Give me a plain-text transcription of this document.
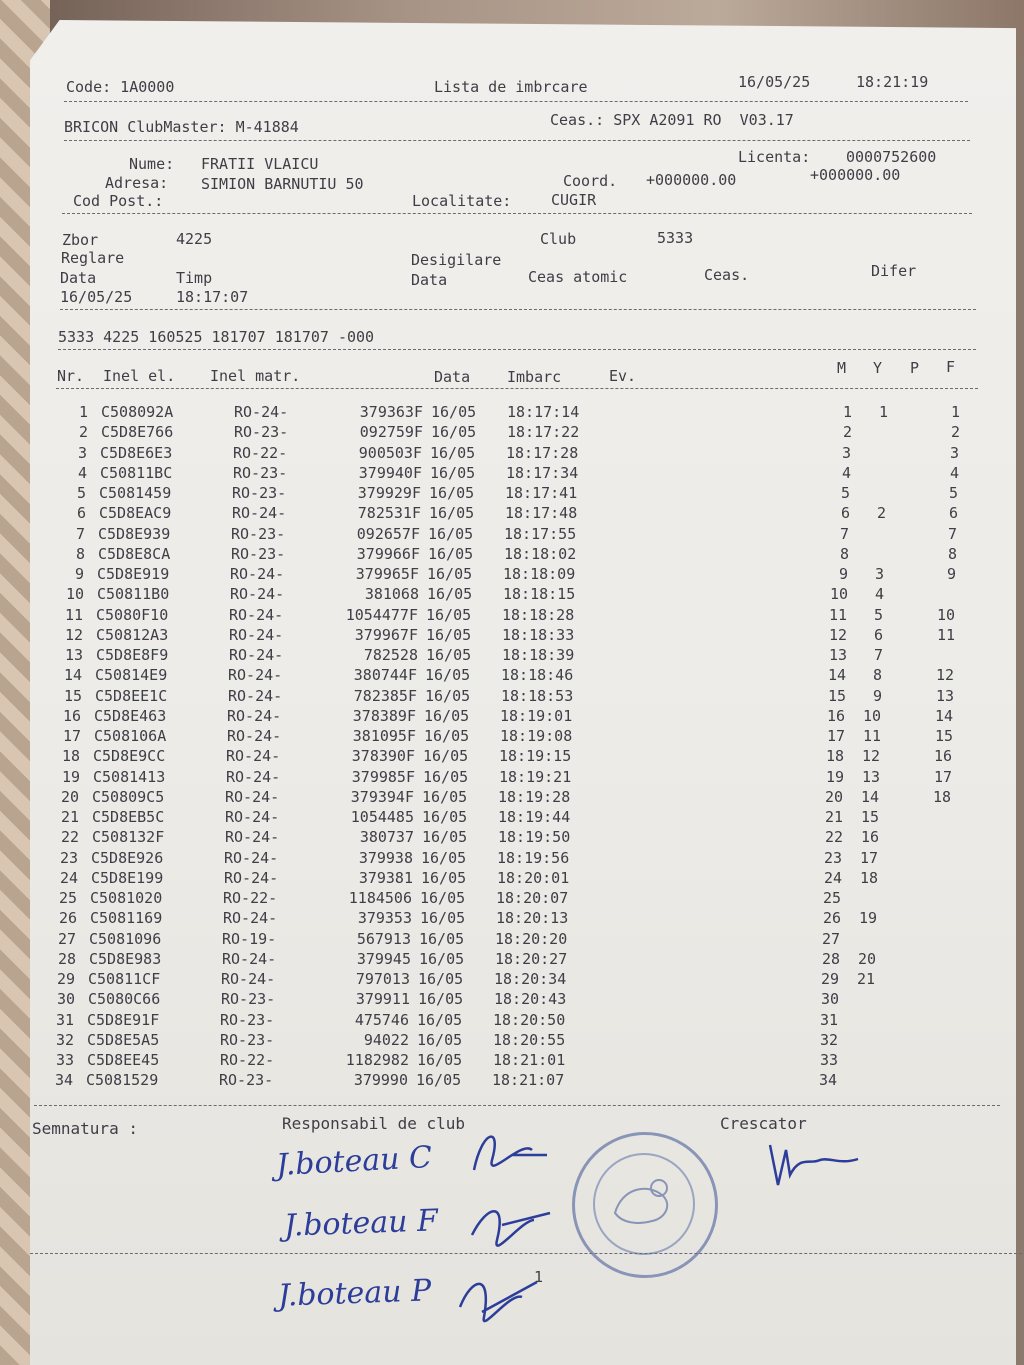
Code: 1A0000	Lista de imbrcare	16/05/25	18:21:19
BRICON ClubMaster: M-41884	Ceas.: SPX A2091 RO  V03.17
Nume: FRATII VLAICU	Licenta: 0000752600
Adresa: SIMION BARNUTIU 50	Coord. +000000.00	+000000.00
Cod Post.:	Localitate:	CUGIR
Zbor	4225	Club	5333
Reglare	Desigilare
Data	Timp	Data	Ceas atomic	Ceas.	Difer
16/05/25	18:17:07
5333 4225 160525 181707 181707 -000
Nr. Inel el. Inel matr.	Data Imbarc	Ev.	M Y P F
1 C508092A	RO-24-	379363F 16/05 18:17:14	1 1	1
2 C5D8E766	RO-23-	092759F 16/05 18:17:22	2	2
3 C5D8E6E3	RO-22-	900503F 16/05 18:17:28	3	3
4 C50811BC	RO-23-	379940F 16/05 18:17:34	4	4
5 C5081459	RO-23-	379929F 16/05 18:17:41	5	5
6 C5D8EAC9	RO-24-	782531F 16/05 18:17:48	6 2	6
7 C5D8E939	RO-23-	092657F 16/05 18:17:55	7	7
8 C5D8E8CA	RO-23-	379966F 16/05 18:18:02	8	8
9 C5D8E919	RO-24-	379965F 16/05 18:18:09	9 3	9
10 C50811B0	RO-24-	381068 16/05 18:18:15	10 4
11 C5080F10	RO-24-	1054477F 16/05 18:18:28	11 5	10
12 C50812A3	RO-24-	379967F 16/05 18:18:33	12 6	11
13 C5D8E8F9	RO-24-	782528 16/05 18:18:39	13 7
14 C50814E9	RO-24-	380744F 16/05 18:18:46	14 8	12
15 C5D8EE1C	RO-24-	782385F 16/05 18:18:53	15 9	13
16 C5D8E463	RO-24-	378389F 16/05 18:19:01	16 10	14
17 C508106A	RO-24-	381095F 16/05 18:19:08	17 11	15
18 C5D8E9CC	RO-24-	378390F 16/05 18:19:15	18 12	16
19 C5081413	RO-24-	379985F 16/05 18:19:21	19 13	17
20 C50809C5	RO-24-	379394F 16/05 18:19:28	20 14	18
21 C5D8EB5C	RO-24-	1054485 16/05 18:19:44	21 15
22 C508132F	RO-24-	380737 16/05 18:19:50	22 16
23 C5D8E926	RO-24-	379938 16/05 18:19:56	23 17
24 C5D8E199	RO-24-	379381 16/05 18:20:01	24 18
25 C5081020	RO-22-	1184506 16/05 18:20:07	25
26 C5081169	RO-24-	379353 16/05 18:20:13	26 19
27 C5081096	RO-19-	567913 16/05 18:20:20	27
28 C5D8E983	RO-24-	379945 16/05 18:20:27	28 20
29 C50811CF	RO-24-	797013 16/05 18:20:34	29 21
30 C5080C66	RO-23-	379911 16/05 18:20:43	30
31 C5D8E91F	RO-23-	475746 16/05 18:20:50	31
32 C5D8E5A5	RO-23-	94022 16/05 18:20:55	32
33 C5D8EE45	RO-22-	1182982 16/05 18:21:01	33
34 C5081529	RO-23-	379990 16/05 18:21:07	34
Semnatura :	Responsabil de club	Crescator
J.boteau C
J.boteau F
J.boteau P	1
